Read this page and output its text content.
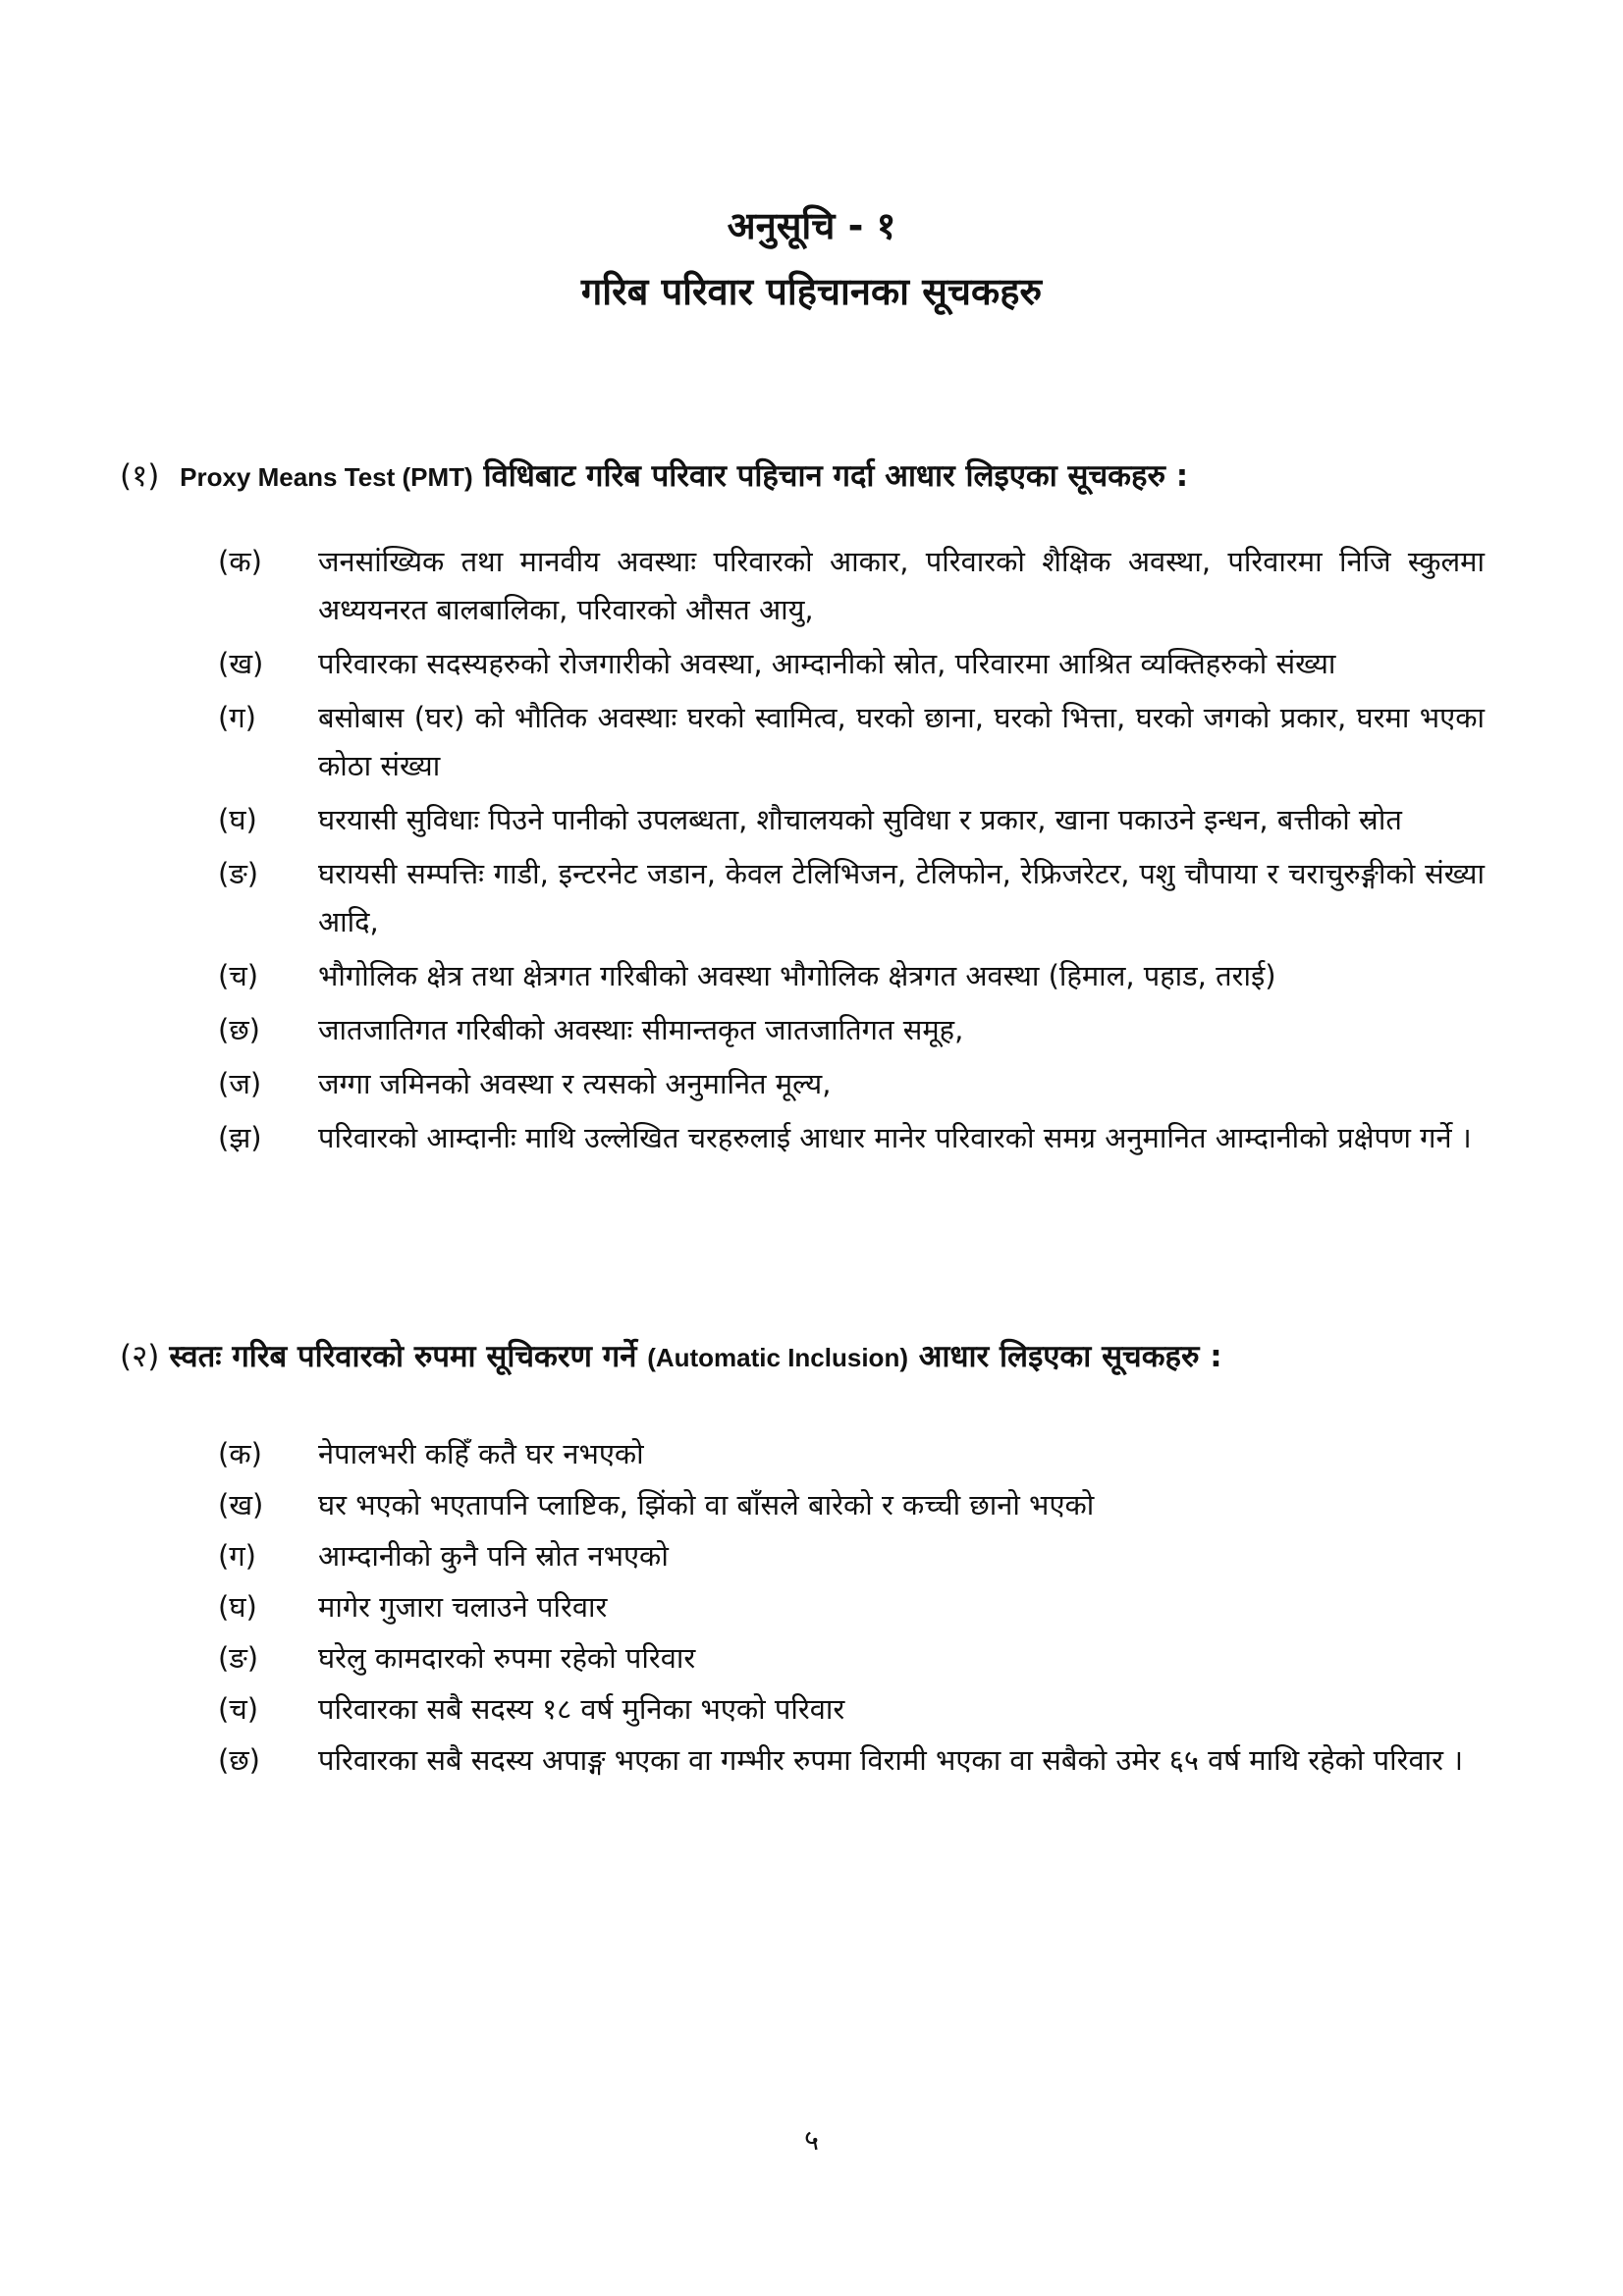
अनुसूचि - १
गरिब परिवार पहिचानका सूचकहरु
(१) Proxy Means Test (PMT) विधिबाट गरिब परिवार पहिचान गर्दा आधार लिइएका सूचकहरु :
(क)	जनसांख्यिक तथा मानवीय अवस्थाः परिवारको आकार, परिवारको शैक्षिक अवस्था, परिवारमा निजि स्कुलमा अध्ययनरत बालबालिका, परिवारको औसत आयु,
(ख)	परिवारका सदस्यहरुको रोजगारीको अवस्था, आम्दानीको स्रोत, परिवारमा आश्रित व्यक्तिहरुको संख्या
(ग)	बसोबास (घर) को भौतिक अवस्थाः घरको स्वामित्व, घरको छाना, घरको भित्ता, घरको जगको प्रकार, घरमा भएका कोठा संख्या
(घ)	घरयासी सुविधाः पिउने पानीको उपलब्धता, शौचालयको सुविधा र प्रकार, खाना पकाउने इन्धन, बत्तीको स्रोत
(ङ)	घरायसी सम्पत्तिः गाडी, इन्टरनेट जडान, केवल टेलिभिजन, टेलिफोन, रेफ्रिजरेटर, पशु चौपाया र चराचुरुङ्गीको संख्या आदि,
(च)	भौगोलिक क्षेत्र तथा क्षेत्रगत गरिबीको अवस्था भौगोलिक क्षेत्रगत अवस्था (हिमाल, पहाड, तराई)
(छ)	जातजातिगत गरिबीको अवस्थाः सीमान्तकृत जातजातिगत समूह,
(ज)	जग्गा जमिनको अवस्था र त्यसको अनुमानित मूल्य,
(झ)	परिवारको आम्दानीः माथि उल्लेखित चरहरुलाई आधार मानेर परिवारको समग्र अनुमानित आम्दानीको प्रक्षेपण गर्ने ।
(२) स्वतः गरिब परिवारको रुपमा सूचिकरण गर्ने (Automatic Inclusion) आधार लिइएका सूचकहरु :
(क)	नेपालभरी कहिँ कतै घर नभएको
(ख)	घर भएको भएतापनि प्लाष्टिक, झिंको वा बाँसले बारेको र कच्ची छानो भएको
(ग)	आम्दानीको कुनै पनि स्रोत नभएको
(घ)	मागेर गुजारा चलाउने परिवार
(ङ)	घरेलु कामदारको रुपमा रहेको परिवार
(च)	परिवारका सबै सदस्य १८ वर्ष मुनिका भएको परिवार
(छ)	परिवारका सबै सदस्य अपाङ्ग भएका वा गम्भीर रुपमा विरामी भएका वा सबैको उमेर ६५ वर्ष माथि रहेको परिवार ।
५
